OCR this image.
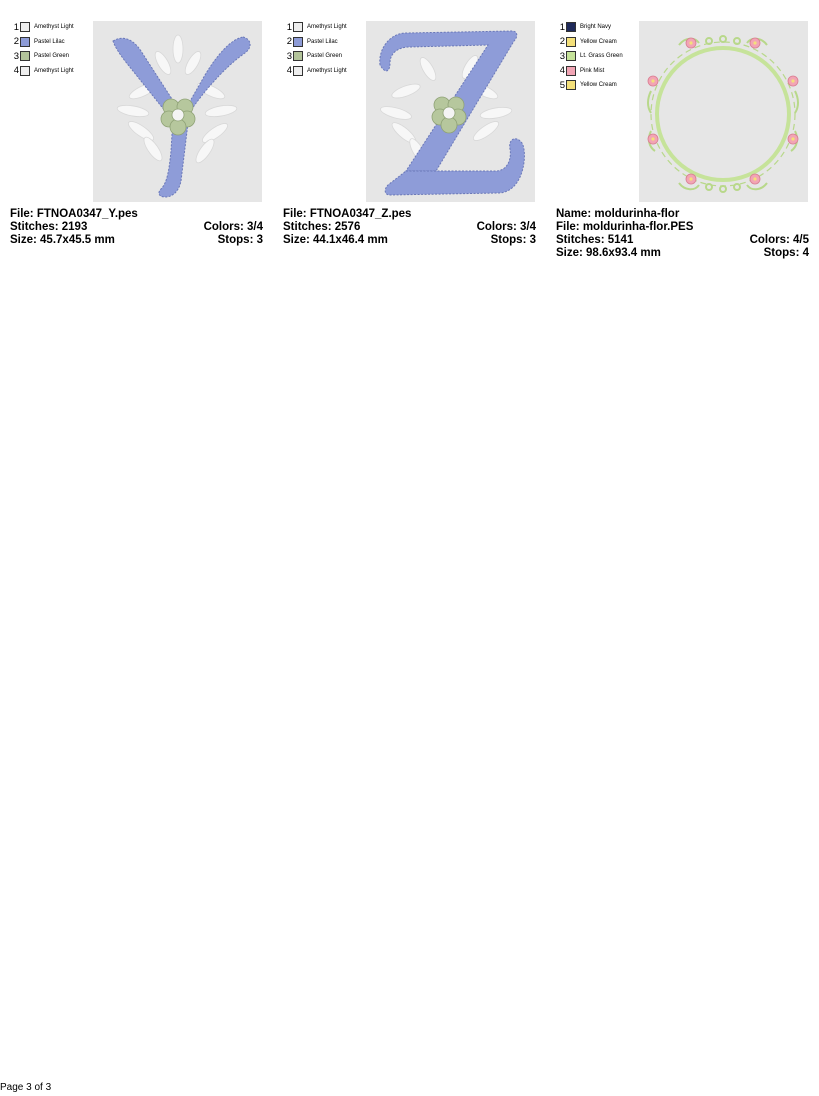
1	Amethyst Light
2	Pastel Lilac
3	Pastel Green
4	Amethyst Light
File: FTNOA0347_Y.pes
Stitches: 2193	Colors: 3/4
Size: 45.7x45.5 mm	Stops: 3
1	Amethyst Light
2	Pastel Lilac
3	Pastel Green
4	Amethyst Light
File: FTNOA0347_Z.pes
Stitches: 2576	Colors: 3/4
Size: 44.1x46.4 mm	Stops: 3
1	Bright Navy
2	Yellow Cream
3	Lt. Grass Green
4	Pink Mist
5	Yellow Cream
Name: moldurinha-flor
File: moldurinha-flor.PES
Stitches: 5141	Colors: 4/5
Size: 98.6x93.4 mm	Stops: 4
Page 3 of 3
